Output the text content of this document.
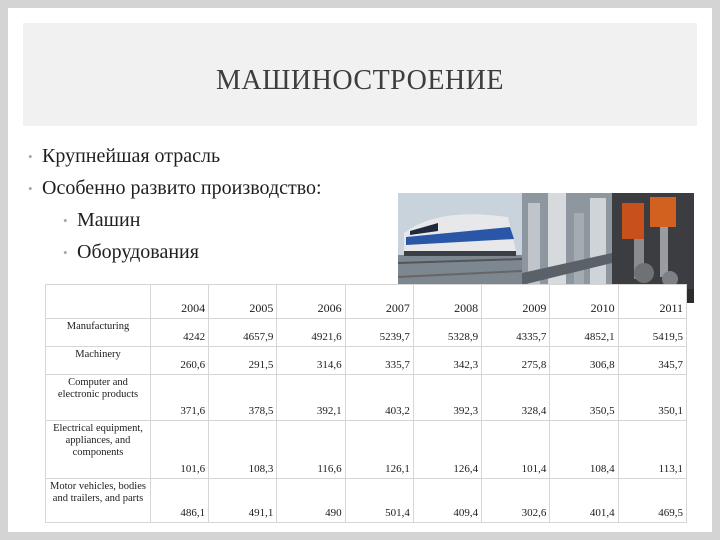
МАШИНОСТРОЕНИЕ
• Крупнейшая отрасль
• Особенно развито производство:
• Машин
• Оборудования
	2004	2005	2006	2007	2008	2009	2010	2011
Manufacturing	4242	4657,9	4921,6	5239,7	5328,9	4335,7	4852,1	5419,5
Machinery	260,6	291,5	314,6	335,7	342,3	275,8	306,8	345,7
Computer and electronic products	371,6	378,5	392,1	403,2	392,3	328,4	350,5	350,1
Electrical equipment, appliances, and components	101,6	108,3	116,6	126,1	126,4	101,4	108,4	113,1
Motor vehicles, bodies and trailers, and parts	486,1	491,1	490	501,4	409,4	302,6	401,4	469,5
